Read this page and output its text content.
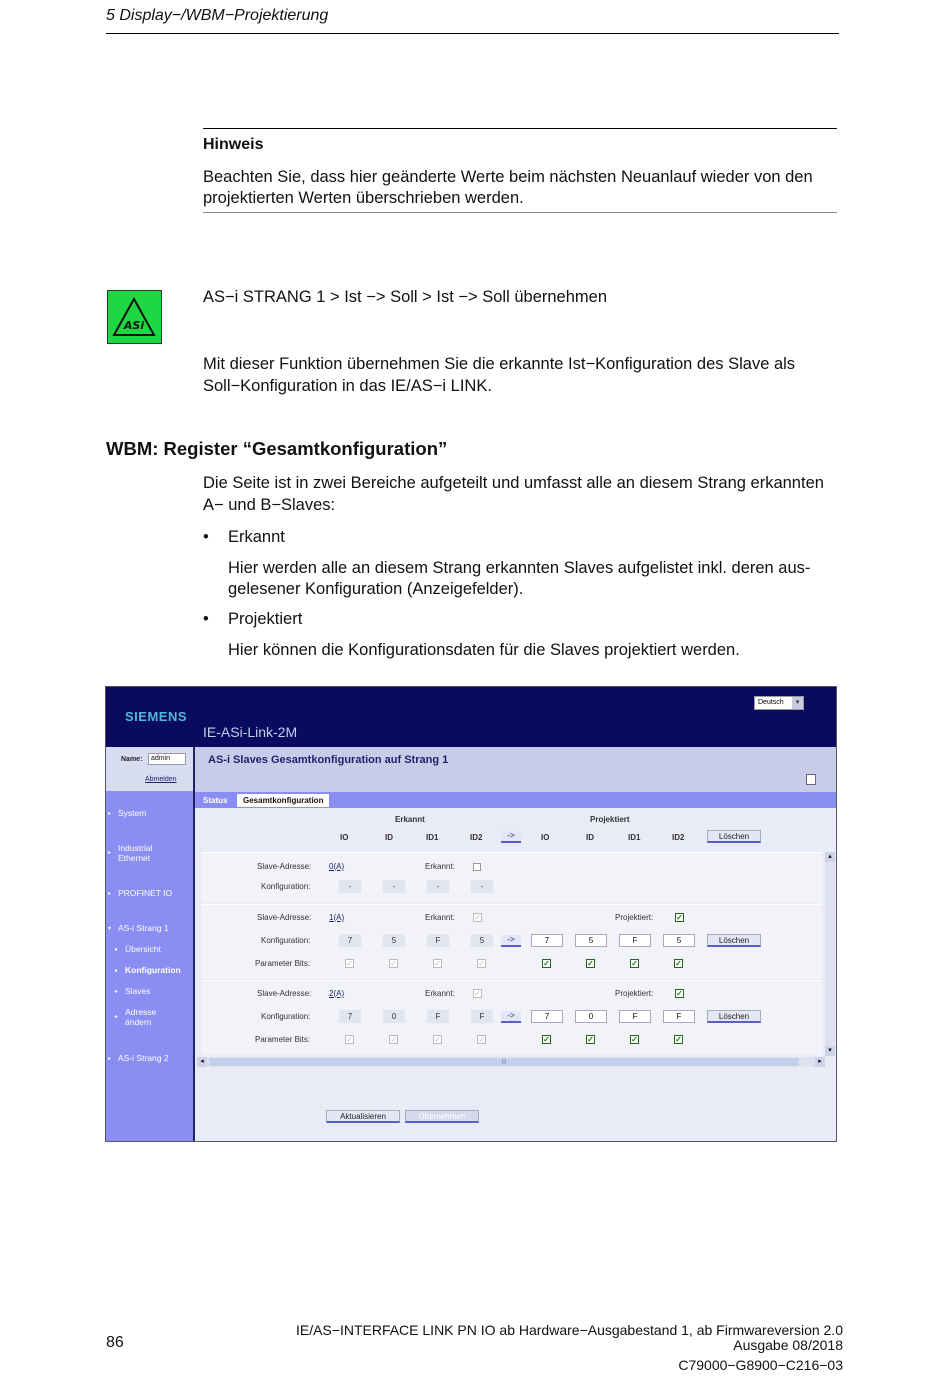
5 Display−/WBM−Projektierung
Hinweis
Beachten Sie, dass hier geänderte Werte beim nächsten Neuanlauf wieder von den projektierten Werten überschrieben werden.
ASi
AS−i STRANG 1 > Ist −> Soll > Ist −> Soll übernehmen
Mit dieser Funktion übernehmen Sie die erkannte Ist−Konfiguration des Slave als Soll−Konfiguration in das IE/AS−i LINK.
WBM: Register “Gesamtkonfiguration”
Die Seite ist in zwei Bereiche aufgeteilt und umfasst alle an diesem Strang erkannten A− und B−Slaves:
• Erkannt
Hier werden alle an diesem Strang erkannten Slaves aufgelistet inkl. deren ausgelesener Konfiguration (Anzeigefelder).
• Projektiert
Hier können die Konfigurationsdaten für die Slaves projektiert werden.
SIEMENS
IE-ASi-Link-2M
Deutsch	▾
Name:	admin
Abmelden
▸ System
▸ Industrial Ethernet
▸ PROFINET IO
▾ AS-i Strang 1
▸ Übersicht
▸ Konfiguration
▸ Slaves
▸ Adresse ändern
▸ AS-i Strang 2
AS-i Slaves Gesamtkonfiguration auf Strang 1
Status	Gesamtkonfiguration
Erkannt	Projektiert
IO	ID	ID1	ID2	->	IO	ID	ID1	ID2	Löschen
Slave-Adresse: 0(A)	Erkannt:
Konfiguration:	-	-	-	-
Slave-Adresse: 1(A)	Erkannt: ✓	Projektiert:	✓
Konfiguration:	7	5	F	5	->	7	5	F	5	Löschen
Parameter Bits:	✓	✓	✓	✓	✓	✓	✓	✓
Slave-Adresse: 2(A)	Erkannt: ✓	Projektiert:	✓
Konfiguration:	7	0	F	F	->	7	0	F	F	Löschen
Parameter Bits:	✓	✓	✓	✓	✓	✓	✓	✓
▴
▾
◂	|||	▸
Aktualisieren	Übernehmen
86
IE/AS−INTERFACE LINK PN IO ab Hardware−Ausgabestand 1, ab Firmwareversion 2.0
Ausgabe 08/2018
C79000−G8900−C216−03
